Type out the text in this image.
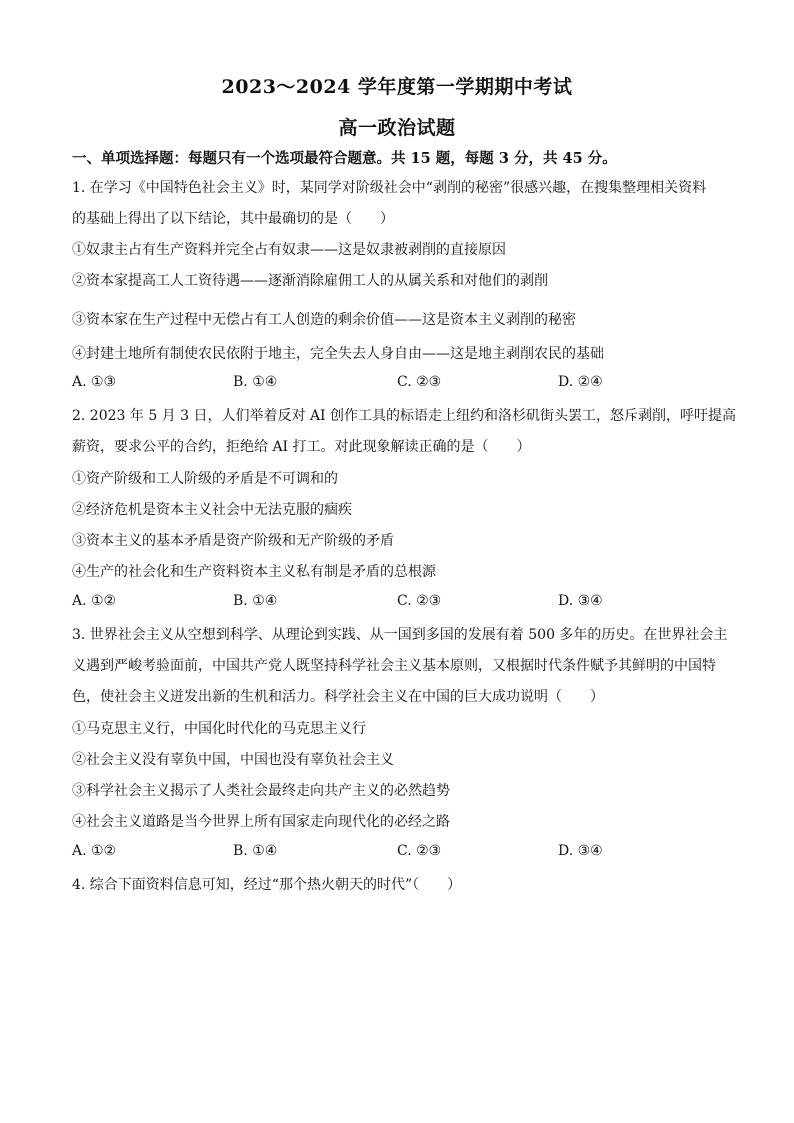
2023～2024 学年度第一学期期中考试
高一政治试题
一、单项选择题：每题只有一个选项最符合题意。共 15 题，每题 3 分，共 45 分。
1. 在学习《中国特色社会主义》时，某同学对阶级社会中“剥削的秘密”很感兴趣，在搜集整理相关资料
的基础上得出了以下结论，其中最确切的是（　　）
①奴隶主占有生产资料并完全占有奴隶——这是奴隶被剥削的直接原因
②资本家提高工人工资待遇——逐渐消除雇佣工人的从属关系和对他们的剥削
③资本家在生产过程中无偿占有工人创造的剩余价值——这是资本主义剥削的秘密
④封建土地所有制使农民依附于地主，完全失去人身自由——这是地主剥削农民的基础
A. ①③	B. ①④	C. ②③	D. ②④
2. 2023 年 5 月 3 日，人们举着反对 AI 创作工具的标语走上纽约和洛杉矶街头罢工，怒斥剥削，呼吁提高
薪资，要求公平的合约，拒绝给 AI 打工。对此现象解读正确的是（　　）
①资产阶级和工人阶级的矛盾是不可调和的
②经济危机是资本主义社会中无法克服的痼疾
③资本主义的基本矛盾是资产阶级和无产阶级的矛盾
④生产的社会化和生产资料资本主义私有制是矛盾的总根源
A. ①②	B. ①④	C. ②③	D. ③④
3. 世界社会主义从空想到科学、从理论到实践、从一国到多国的发展有着 500 多年的历史。在世界社会主
义遇到严峻考验面前，中国共产党人既坚持科学社会主义基本原则，又根据时代条件赋予其鲜明的中国特
色，使社会主义迸发出新的生机和活力。科学社会主义在中国的巨大成功说明（　　）
①马克思主义行，中国化时代化的马克思主义行
②社会主义没有辜负中国，中国也没有辜负社会主义
③科学社会主义揭示了人类社会最终走向共产主义的必然趋势
④社会主义道路是当今世界上所有国家走向现代化的必经之路
A. ①②	B. ①④	C. ②③	D. ③④
4. 综合下面资料信息可知，经过“那个热火朝天的时代”（　　）
